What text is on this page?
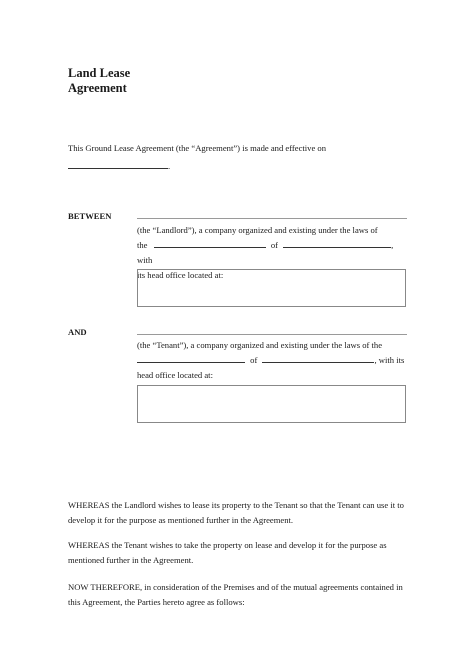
Land Lease
Agreement
This Ground Lease Agreement (the “Agreement”) is made and effective on
.
BETWEEN
(the “Landlord”), a company organized and existing under the laws of
the	of	, with
its head office located at:
AND
(the “Tenant”), a company organized and existing under the laws of the
of	, with its
head office located at:
WHEREAS the Landlord wishes to lease its property to the Tenant so that the Tenant can use it to develop it for the purpose as mentioned further in the Agreement.
WHEREAS the Tenant wishes to take the property on lease and develop it for the purpose as mentioned further in the Agreement.
NOW THEREFORE, in consideration of the Premises and of the mutual agreements contained in this Agreement, the Parties hereto agree as follows:
